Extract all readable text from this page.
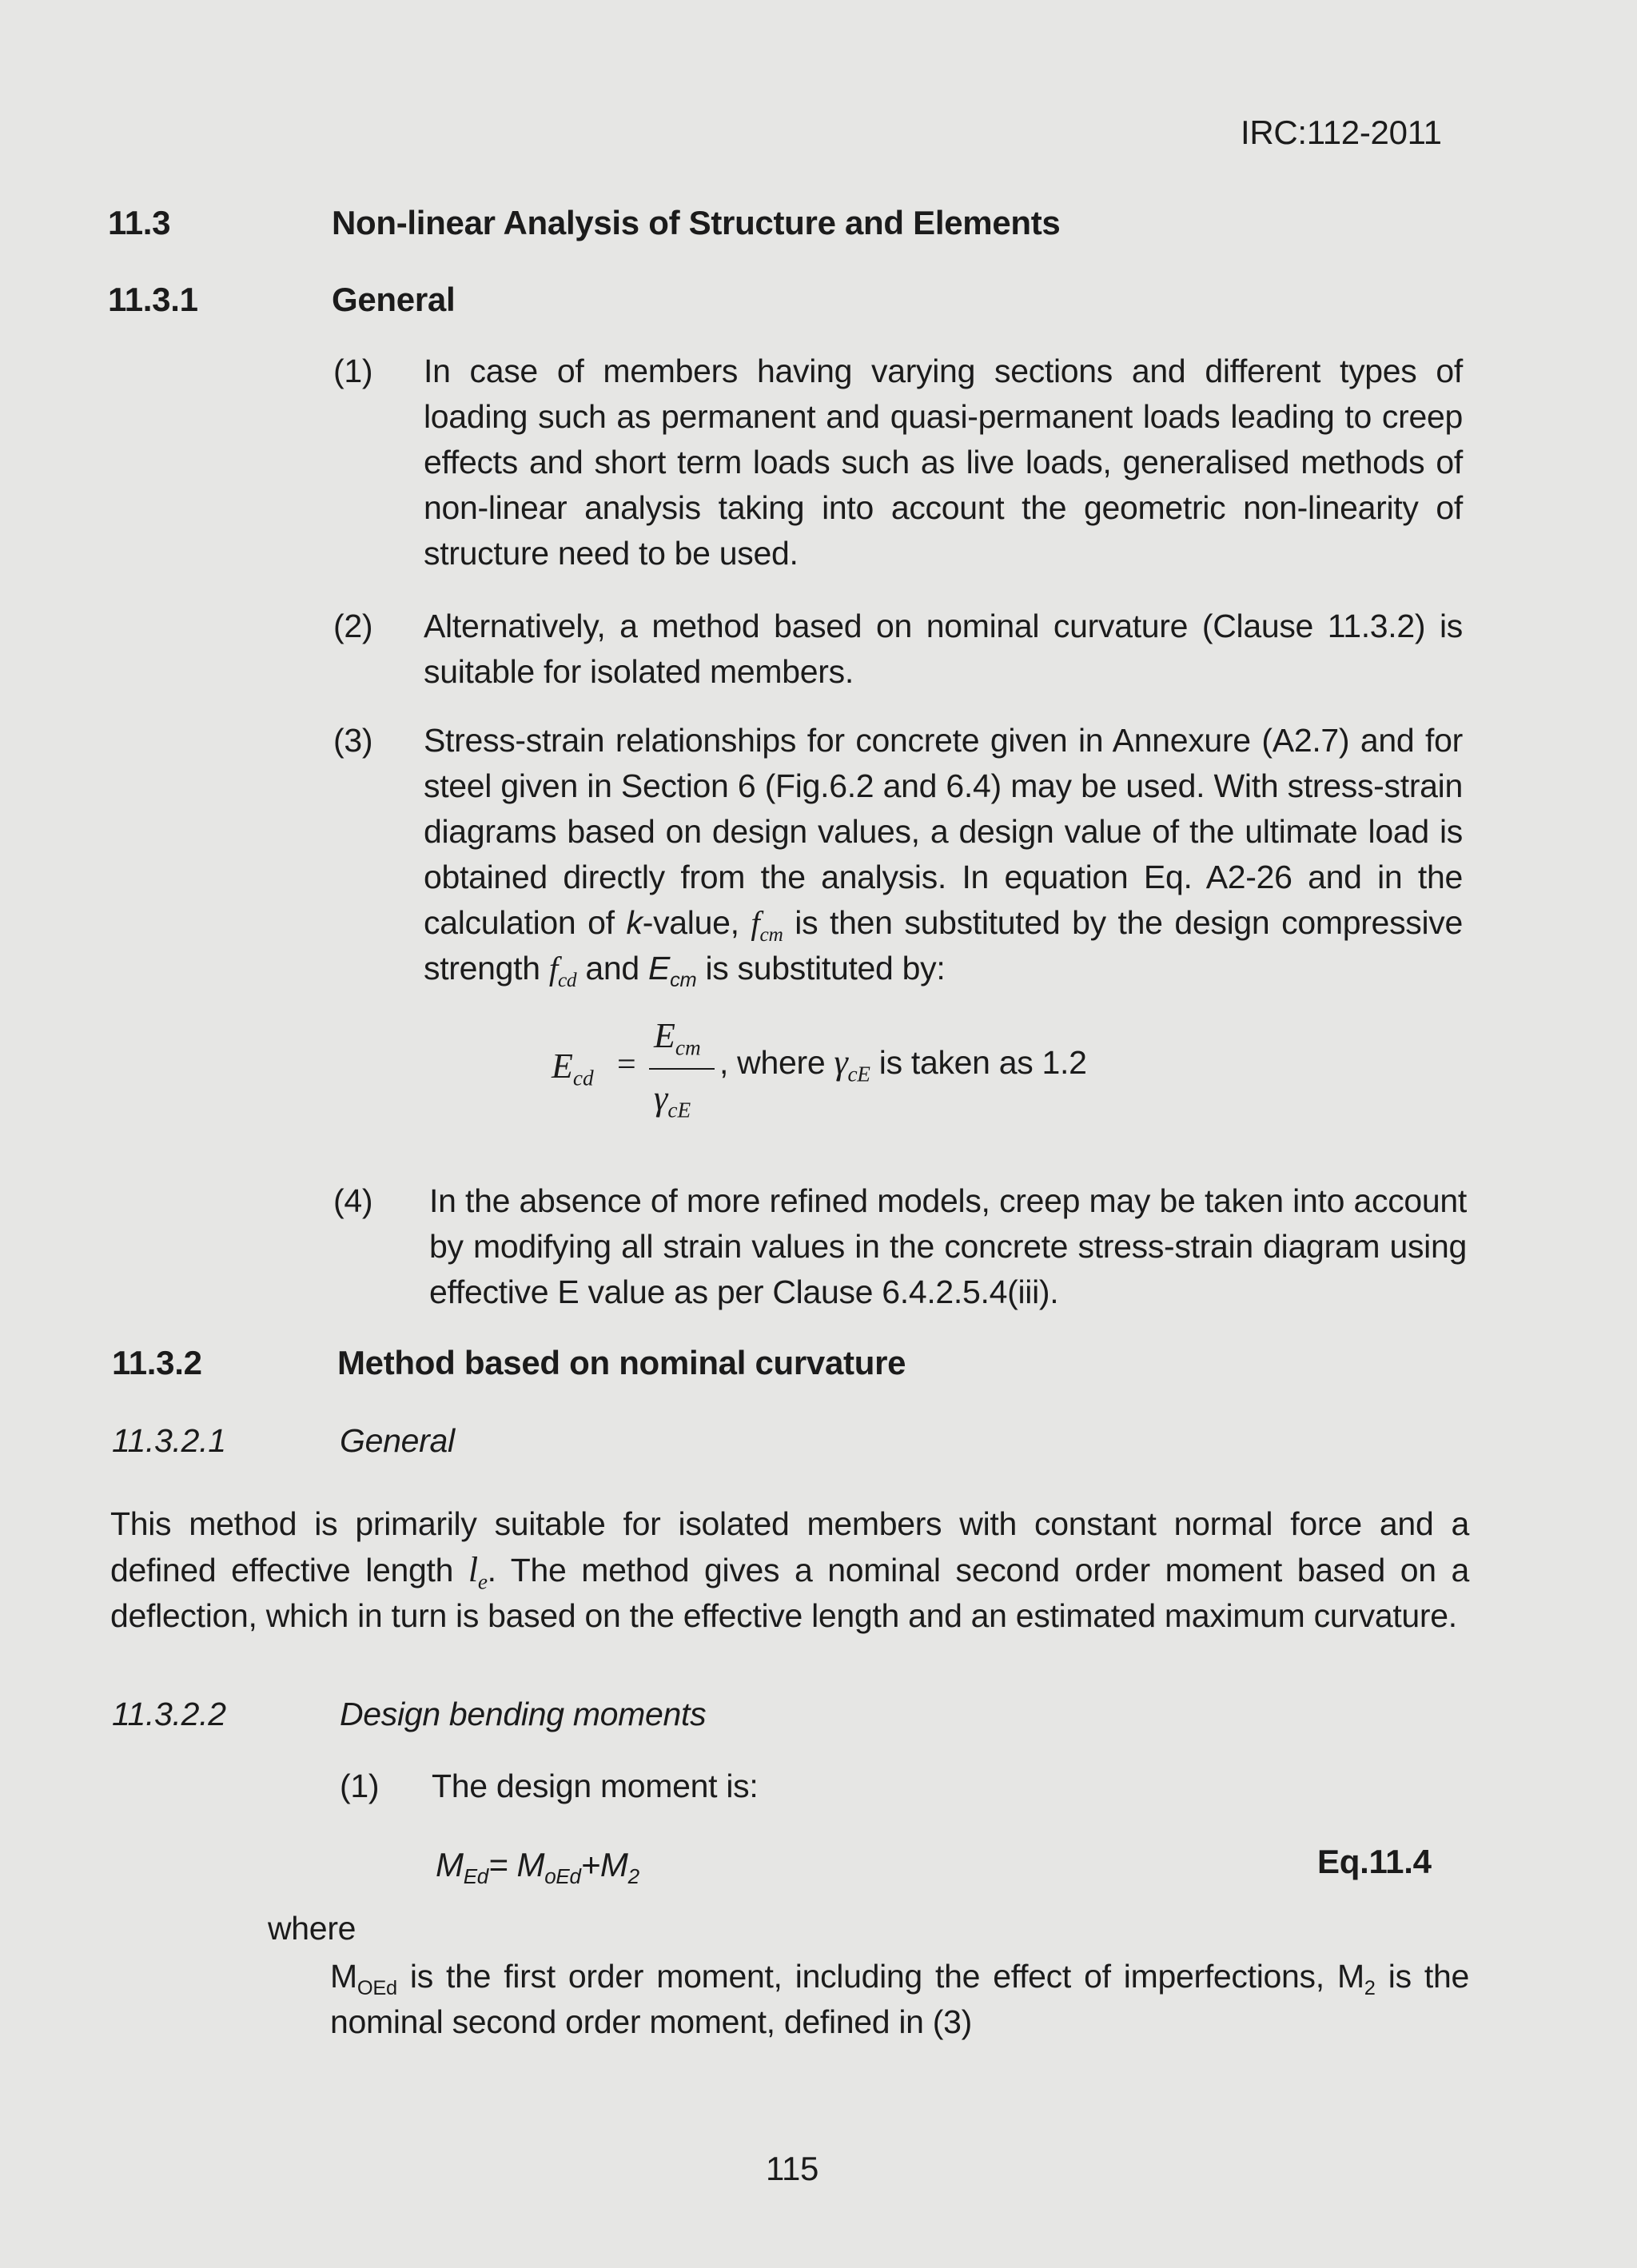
IRC:112-2011
11.3	Non-linear Analysis of Structure and Elements
11.3.1	General
(1) In case of members having varying sections and different types of loading such as permanent and quasi-permanent loads leading to creep effects and short term loads such as live loads, generalised methods of non-linear analysis taking into account the geometric non-linearity of structure need to be used.
(2) Alternatively, a method based on nominal curvature (Clause 11.3.2) is suitable for isolated members.
(3) Stress-strain relationships for concrete given in Annexure (A2.7) and for steel given in Section 6 (Fig.6.2 and 6.4) may be used. With stress-strain diagrams based on design values, a design value of the ultimate load is obtained directly from the analysis. In equation Eq. A2-26 and in the calculation of k-value, $f_{cm}$ is then substituted by the design compressive strength $f_{cd}$ and $E_{cm}$ is substituted by:
$E_{cd}$ =
$E_{cm}$
$\gamma_{cE}$
, where $\gamma_{cE}$ is taken as 1.2
(4) In the absence of more refined models, creep may be taken into account by modifying all strain values in the concrete stress-strain diagram using effective E value as per Clause 6.4.2.5.4(iii).
11.3.2	Method based on nominal curvature
11.3.2.1	General
This method is primarily suitable for isolated members with constant normal force and a defined effective length $l_e$. The method gives a nominal second order moment based on a deflection, which in turn is based on the effective length and an estimated maximum curvature.
11.3.2.2	Design bending moments
(1) The design moment is:
$M_{Ed}= M_{oEd}+M_2$	Eq.11.4
where
$M_{OEd}$ is the first order moment, including the effect of imperfections, $M_2$ is the nominal second order moment, defined in (3)
115
